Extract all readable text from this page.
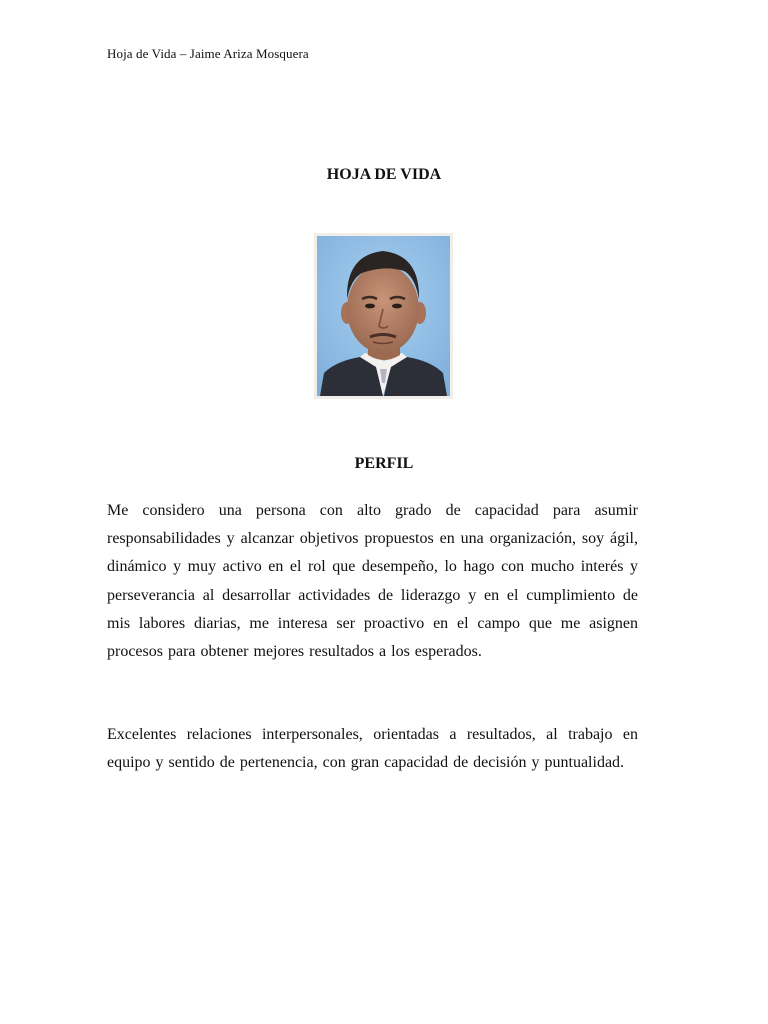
Hoja de Vida – Jaime Ariza Mosquera
HOJA DE VIDA
PERFIL

Me considero una persona con alto grado de capacidad para asumir responsabilidades y alcanzar objetivos propuestos en una organización, soy ágil, dinámico y muy activo en el rol que desempeño, lo hago con mucho interés y perseverancia al desarrollar actividades de liderazgo y en el cumplimiento de mis labores diarias, me interesa ser proactivo en el campo que me asignen procesos para obtener mejores resultados a los esperados.

Excelentes relaciones interpersonales, orientadas a resultados, al trabajo en equipo y sentido de pertenencia, con gran capacidad de decisión y puntualidad.
